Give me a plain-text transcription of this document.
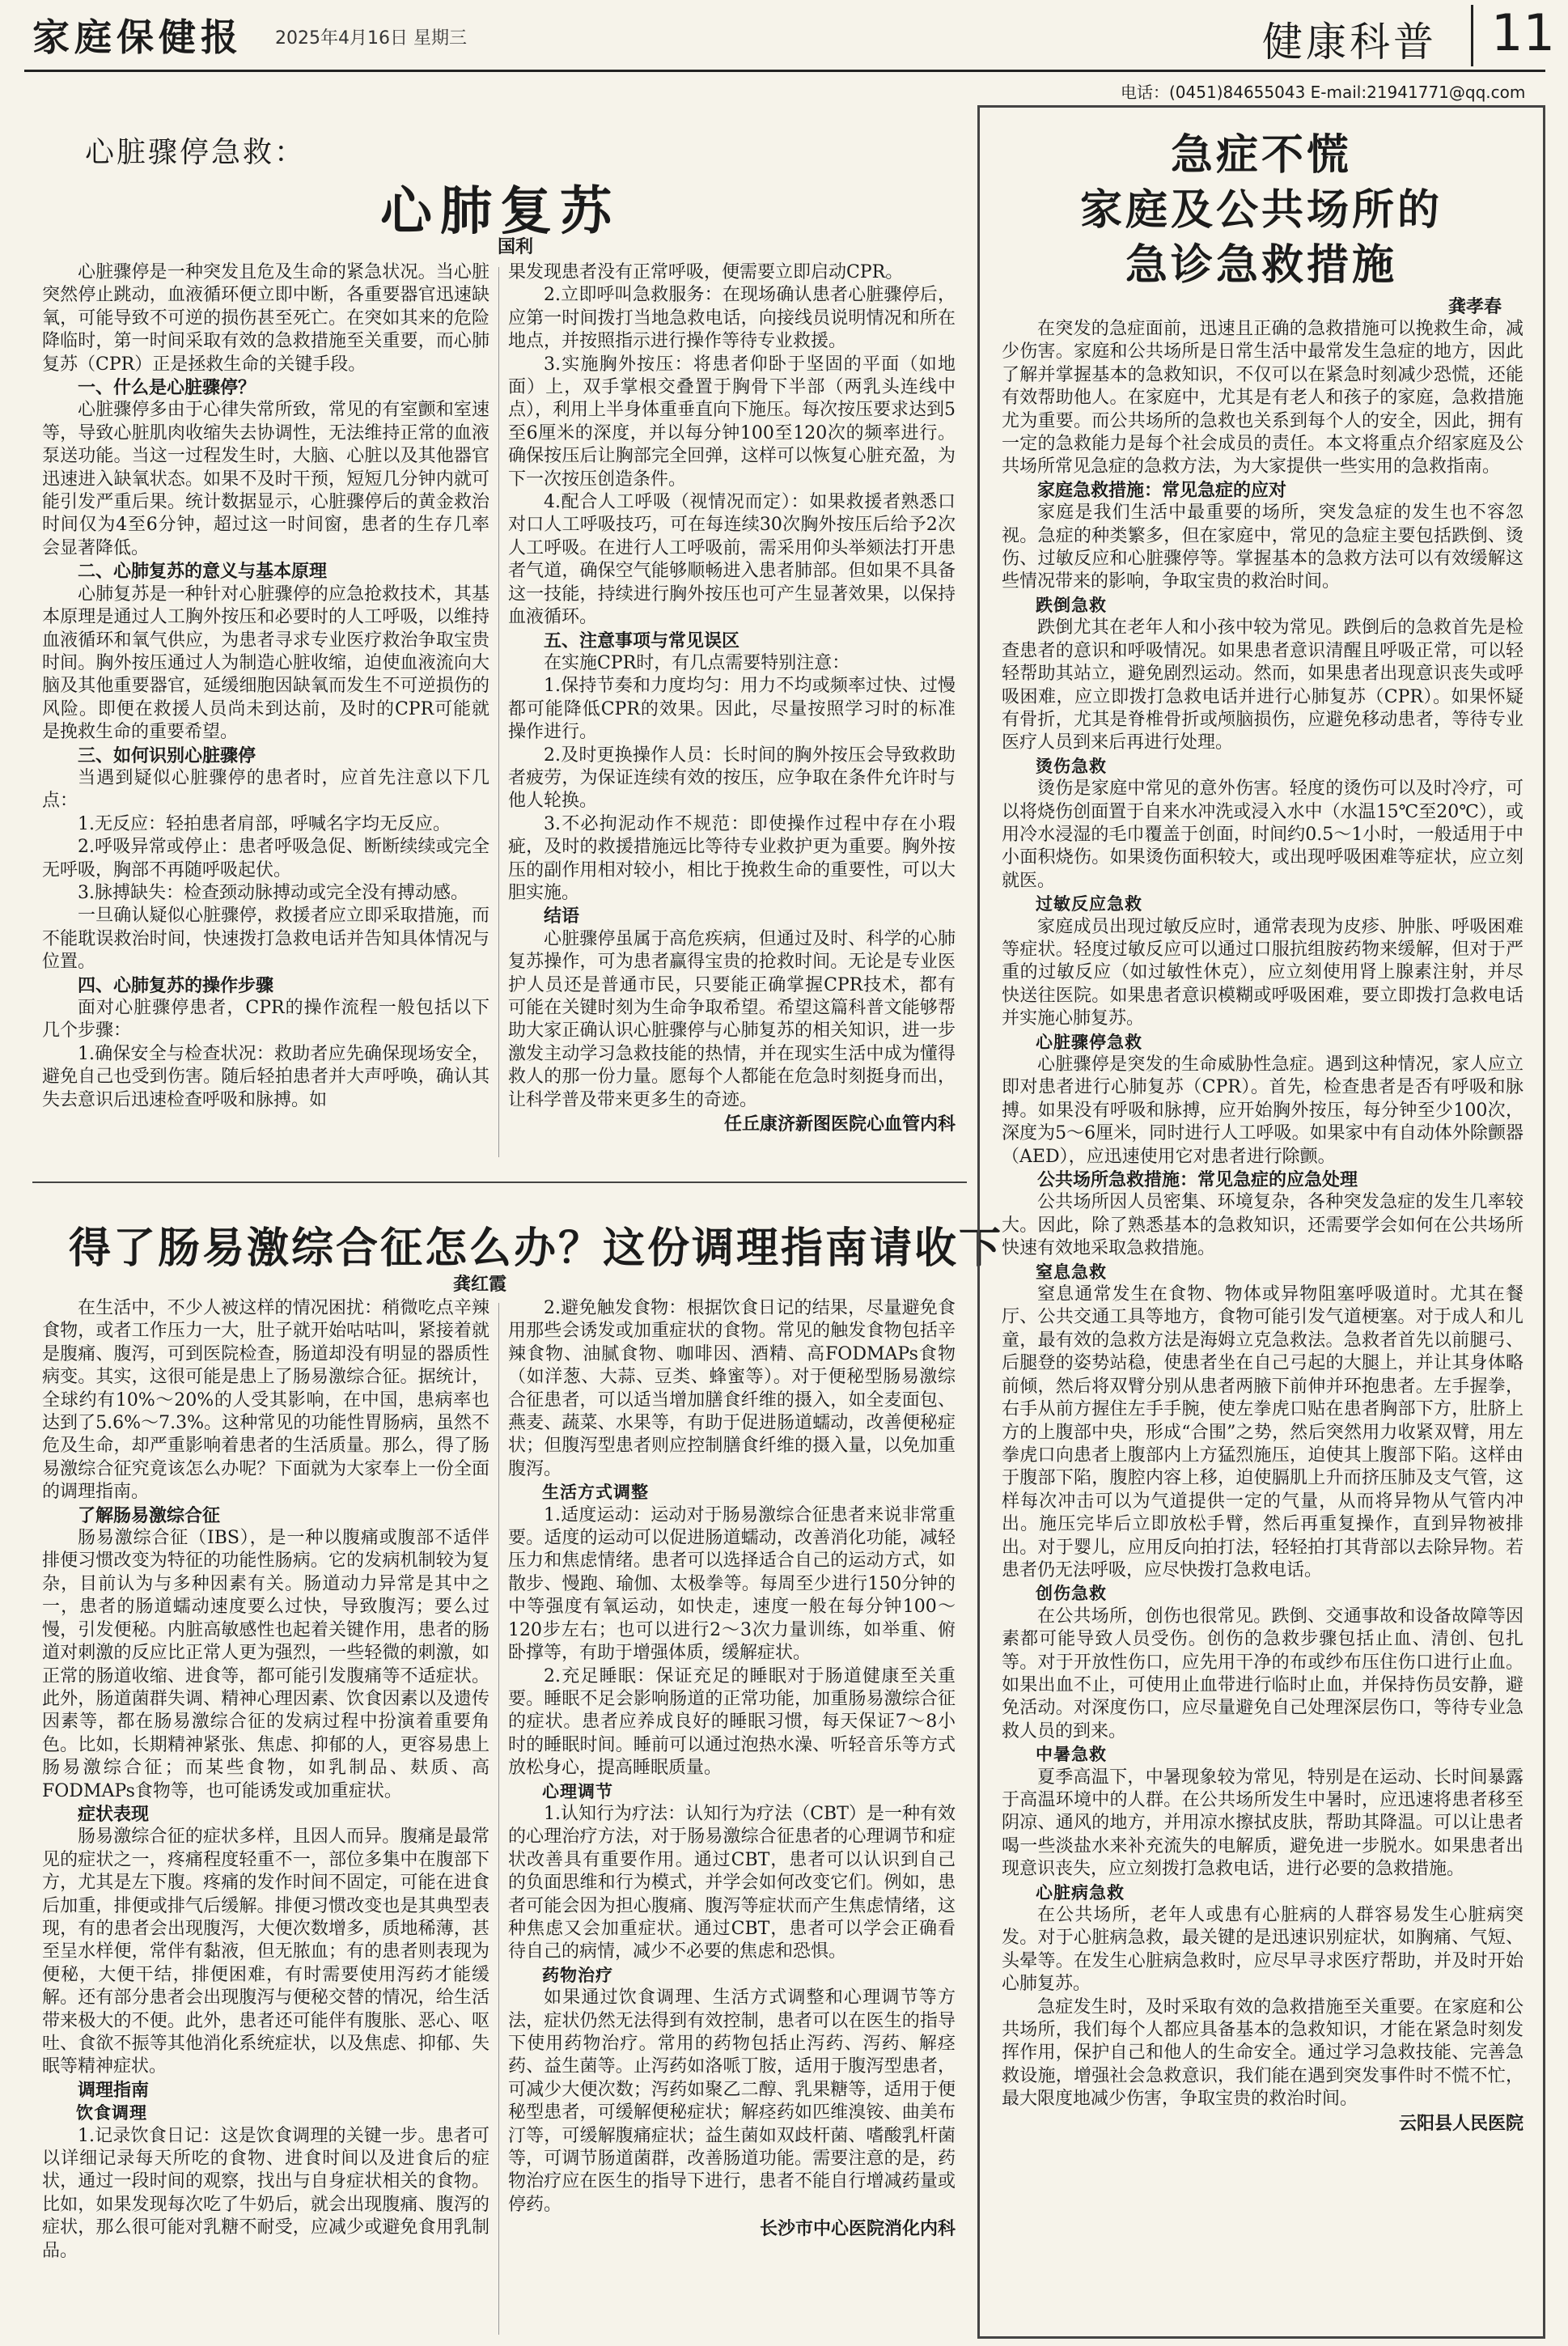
家庭保健报 2025年4月16日 星期三	健康科普	11
电话：(0451)84655043 E-mail:21941771@qq.com
心脏骤停急救：
心肺复苏
国利

心脏骤停是一种突发且危及生命的紧急状况。当心脏突然停止跳动，血液循环便立即中断，各重要器官迅速缺氧，可能导致不可逆的损伤甚至死亡。在突如其来的危险降临时，第一时间采取有效的急救措施至关重要，而心肺复苏（CPR）正是拯救生命的关键手段。

一、什么是心脏骤停？

心脏骤停多由于心律失常所致，常见的有室颤和室速等，导致心脏肌肉收缩失去协调性，无法维持正常的血液泵送功能。当这一过程发生时，大脑、心脏以及其他器官迅速进入缺氧状态。如果不及时干预，短短几分钟内就可能引发严重后果。统计数据显示，心脏骤停后的黄金救治时间仅为4至6分钟，超过这一时间窗，患者的生存几率会显著降低。

二、心肺复苏的意义与基本原理

心肺复苏是一种针对心脏骤停的应急抢救技术，其基本原理是通过人工胸外按压和必要时的人工呼吸，以维持血液循环和氧气供应，为患者寻求专业医疗救治争取宝贵时间。胸外按压通过人为制造心脏收缩，迫使血液流向大脑及其他重要器官，延缓细胞因缺氧而发生不可逆损伤的风险。即便在救援人员尚未到达前，及时的CPR可能就是挽救生命的重要希望。

三、如何识别心脏骤停

当遇到疑似心脏骤停的患者时，应首先注意以下几点：

1.无反应：轻拍患者肩部，呼喊名字均无反应。

2.呼吸异常或停止：患者呼吸急促、断断续续或完全无呼吸，胸部不再随呼吸起伏。

3.脉搏缺失：检查颈动脉搏动或完全没有搏动感。

一旦确认疑似心脏骤停，救援者应立即采取措施，而不能耽误救治时间，快速拨打急救电话并告知具体情况与位置。

四、心肺复苏的操作步骤

面对心脏骤停患者，CPR的操作流程一般包括以下几个步骤：

1.确保安全与检查状况：救助者应先确保现场安全，避免自己也受到伤害。随后轻拍患者并大声呼唤，确认其失去意识后迅速检查呼吸和脉搏。如

果发现患者没有正常呼吸，便需要立即启动CPR。

2.立即呼叫急救服务：在现场确认患者心脏骤停后，应第一时间拨打当地急救电话，向接线员说明情况和所在地点，并按照指示进行操作等待专业救援。

3.实施胸外按压：将患者仰卧于坚固的平面（如地面）上，双手掌根交叠置于胸骨下半部（两乳头连线中点），利用上半身体重垂直向下施压。每次按压要求达到5至6厘米的深度，并以每分钟100至120次的频率进行。确保按压后让胸部完全回弹，这样可以恢复心脏充盈，为下一次按压创造条件。

4.配合人工呼吸（视情况而定）：如果救援者熟悉口对口人工呼吸技巧，可在每连续30次胸外按压后给予2次人工呼吸。在进行人工呼吸前，需采用仰头举颏法打开患者气道，确保空气能够顺畅进入患者肺部。但如果不具备这一技能，持续进行胸外按压也可产生显著效果，以保持血液循环。

五、注意事项与常见误区

在实施CPR时，有几点需要特别注意：

1.保持节奏和力度均匀：用力不均或频率过快、过慢都可能降低CPR的效果。因此，尽量按照学习时的标准操作进行。

2.及时更换操作人员：长时间的胸外按压会导致救助者疲劳，为保证连续有效的按压，应争取在条件允许时与他人轮换。

3.不必拘泥动作不规范：即使操作过程中存在小瑕疵，及时的救援措施远比等待专业救护更为重要。胸外按压的副作用相对较小，相比于挽救生命的重要性，可以大胆实施。

结语

心脏骤停虽属于高危疾病，但通过及时、科学的心肺复苏操作，可为患者赢得宝贵的抢救时间。无论是专业医护人员还是普通市民，只要能正确掌握CPR技术，都有可能在关键时刻为生命争取希望。希望这篇科普文能够帮助大家正确认识心脏骤停与心肺复苏的相关知识，进一步激发主动学习急救技能的热情，并在现实生活中成为懂得救人的那一份力量。愿每个人都能在危急时刻挺身而出，让科学普及带来更多生的奇迹。

任丘康济新图医院心血管内科

得了肠易激综合征怎么办？这份调理指南请收下
龚红霞

在生活中，不少人被这样的情况困扰：稍微吃点辛辣食物，或者工作压力一大，肚子就开始咕咕叫，紧接着就是腹痛、腹泻，可到医院检查，肠道却没有明显的器质性病变。其实，这很可能是患上了肠易激综合征。据统计，全球约有10%～20%的人受其影响，在中国，患病率也达到了5.6%～7.3%。这种常见的功能性胃肠病，虽然不危及生命，却严重影响着患者的生活质量。那么，得了肠易激综合征究竟该怎么办呢？下面就为大家奉上一份全面的调理指南。

了解肠易激综合征

肠易激综合征（IBS），是一种以腹痛或腹部不适伴排便习惯改变为特征的功能性肠病。它的发病机制较为复杂，目前认为与多种因素有关。肠道动力异常是其中之一，患者的肠道蠕动速度要么过快，导致腹泻；要么过慢，引发便秘。内脏高敏感性也起着关键作用，患者的肠道对刺激的反应比正常人更为强烈，一些轻微的刺激，如正常的肠道收缩、进食等，都可能引发腹痛等不适症状。此外，肠道菌群失调、精神心理因素、饮食因素以及遗传因素等，都在肠易激综合征的发病过程中扮演着重要角色。比如，长期精神紧张、焦虑、抑郁的人，更容易患上肠易激综合征；而某些食物，如乳制品、麸质、高FODMAPs食物等，也可能诱发或加重症状。

症状表现

肠易激综合征的症状多样，且因人而异。腹痛是最常见的症状之一，疼痛程度轻重不一，部位多集中在腹部下方，尤其是左下腹。疼痛的发作时间不固定，可能在进食后加重，排便或排气后缓解。排便习惯改变也是其典型表现，有的患者会出现腹泻，大便次数增多，质地稀薄，甚至呈水样便，常伴有黏液，但无脓血；有的患者则表现为便秘，大便干结，排便困难，有时需要使用泻药才能缓解。还有部分患者会出现腹泻与便秘交替的情况，给生活带来极大的不便。此外，患者还可能伴有腹胀、恶心、呕吐、食欲不振等其他消化系统症状，以及焦虑、抑郁、失眠等精神症状。

调理指南

饮食调理

1.记录饮食日记：这是饮食调理的关键一步。患者可以详细记录每天所吃的食物、进食时间以及进食后的症状，通过一段时间的观察，找出与自身症状相关的食物。比如，如果发现每次吃了牛奶后，就会出现腹痛、腹泻的症状，那么很可能对乳糖不耐受，应减少或避免食用乳制品。

2.避免触发食物：根据饮食日记的结果，尽量避免食用那些会诱发或加重症状的食物。常见的触发食物包括辛辣食物、油腻食物、咖啡因、酒精、高FODMAPs食物（如洋葱、大蒜、豆类、蜂蜜等）。对于便秘型肠易激综合征患者，可以适当增加膳食纤维的摄入，如全麦面包、燕麦、蔬菜、水果等，有助于促进肠道蠕动，改善便秘症状；但腹泻型患者则应控制膳食纤维的摄入量，以免加重腹泻。

生活方式调整

1.适度运动：运动对于肠易激综合征患者来说非常重要。适度的运动可以促进肠道蠕动，改善消化功能，减轻压力和焦虑情绪。患者可以选择适合自己的运动方式，如散步、慢跑、瑜伽、太极拳等。每周至少进行150分钟的中等强度有氧运动，如快走，速度一般在每分钟100～120步左右；也可以进行2～3次力量训练，如举重、俯卧撑等，有助于增强体质，缓解症状。

2.充足睡眠：保证充足的睡眠对于肠道健康至关重要。睡眠不足会影响肠道的正常功能，加重肠易激综合征的症状。患者应养成良好的睡眠习惯，每天保证7～8小时的睡眠时间。睡前可以通过泡热水澡、听轻音乐等方式放松身心，提高睡眠质量。

心理调节

1.认知行为疗法：认知行为疗法（CBT）是一种有效的心理治疗方法，对于肠易激综合征患者的心理调节和症状改善具有重要作用。通过CBT，患者可以认识到自己的负面思维和行为模式，并学会如何改变它们。例如，患者可能会因为担心腹痛、腹泻等症状而产生焦虑情绪，这种焦虑又会加重症状。通过CBT，患者可以学会正确看待自己的病情，减少不必要的焦虑和恐惧。

药物治疗

如果通过饮食调理、生活方式调整和心理调节等方法，症状仍然无法得到有效控制，患者可以在医生的指导下使用药物治疗。常用的药物包括止泻药、泻药、解痉药、益生菌等。止泻药如洛哌丁胺，适用于腹泻型患者，可减少大便次数；泻药如聚乙二醇、乳果糖等，适用于便秘型患者，可缓解便秘症状；解痉药如匹维溴铵、曲美布汀等，可缓解腹痛症状；益生菌如双歧杆菌、嗜酸乳杆菌等，可调节肠道菌群，改善肠道功能。需要注意的是，药物治疗应在医生的指导下进行，患者不能自行增减药量或停药。

长沙市中心医院消化内科

急症不慌
家庭及公共场所的
急诊急救措施
龚孝春

在突发的急症面前，迅速且正确的急救措施可以挽救生命，减少伤害。家庭和公共场所是日常生活中最常发生急症的地方，因此了解并掌握基本的急救知识，不仅可以在紧急时刻减少恐慌，还能有效帮助他人。在家庭中，尤其是有老人和孩子的家庭，急救措施尤为重要。而公共场所的急救也关系到每个人的安全，因此，拥有一定的急救能力是每个社会成员的责任。本文将重点介绍家庭及公共场所常见急症的急救方法，为大家提供一些实用的急救指南。

家庭急救措施：常见急症的应对

家庭是我们生活中最重要的场所，突发急症的发生也不容忽视。急症的种类繁多，但在家庭中，常见的急症主要包括跌倒、烫伤、过敏反应和心脏骤停等。掌握基本的急救方法可以有效缓解这些情况带来的影响，争取宝贵的救治时间。

跌倒急救

跌倒尤其在老年人和小孩中较为常见。跌倒后的急救首先是检查患者的意识和呼吸情况。如果患者意识清醒且呼吸正常，可以轻轻帮助其站立，避免剧烈运动。然而，如果患者出现意识丧失或呼吸困难，应立即拨打急救电话并进行心肺复苏（CPR）。如果怀疑有骨折，尤其是脊椎骨折或颅脑损伤，应避免移动患者，等待专业医疗人员到来后再进行处理。

烫伤急救

烫伤是家庭中常见的意外伤害。轻度的烫伤可以及时冷疗，可以将烧伤创面置于自来水冲洗或浸入水中（水温15℃至20℃），或用冷水浸湿的毛巾覆盖于创面，时间约0.5～1小时，一般适用于中小面积烧伤。如果烫伤面积较大，或出现呼吸困难等症状，应立刻就医。

过敏反应急救

家庭成员出现过敏反应时，通常表现为皮疹、肿胀、呼吸困难等症状。轻度过敏反应可以通过口服抗组胺药物来缓解，但对于严重的过敏反应（如过敏性休克），应立刻使用肾上腺素注射，并尽快送往医院。如果患者意识模糊或呼吸困难，要立即拨打急救电话并实施心肺复苏。

心脏骤停急救

心脏骤停是突发的生命威胁性急症。遇到这种情况，家人应立即对患者进行心肺复苏（CPR）。首先，检查患者是否有呼吸和脉搏。如果没有呼吸和脉搏，应开始胸外按压，每分钟至少100次，深度为5～6厘米，同时进行人工呼吸。如果家中有自动体外除颤器（AED），应迅速使用它对患者进行除颤。

公共场所急救措施：常见急症的应急处理

公共场所因人员密集、环境复杂，各种突发急症的发生几率较大。因此，除了熟悉基本的急救知识，还需要学会如何在公共场所快速有效地采取急救措施。

窒息急救

窒息通常发生在食物、物体或异物阻塞呼吸道时。尤其在餐厅、公共交通工具等地方，食物可能引发气道梗塞。对于成人和儿童，最有效的急救方法是海姆立克急救法。急救者首先以前腿弓、后腿登的姿势站稳，使患者坐在自己弓起的大腿上，并让其身体略前倾，然后将双臂分别从患者两腋下前伸并环抱患者。左手握拳，右手从前方握住左手手腕，使左拳虎口贴在患者胸部下方，肚脐上方的上腹部中央，形成“合围”之势，然后突然用力收紧双臂，用左拳虎口向患者上腹部内上方猛烈施压，迫使其上腹部下陷。这样由于腹部下陷，腹腔内容上移，迫使膈肌上升而挤压肺及支气管，这样每次冲击可以为气道提供一定的气量，从而将异物从气管内冲出。施压完毕后立即放松手臂，然后再重复操作，直到异物被排出。对于婴儿，应用反向拍打法，轻轻拍打其背部以去除异物。若患者仍无法呼吸，应尽快拨打急救电话。

创伤急救

在公共场所，创伤也很常见。跌倒、交通事故和设备故障等因素都可能导致人员受伤。创伤的急救步骤包括止血、清创、包扎等。对于开放性伤口，应先用干净的布或纱布压住伤口进行止血。如果出血不止，可使用止血带进行临时止血，并保持伤员安静，避免活动。对深度伤口，应尽量避免自己处理深层伤口，等待专业急救人员的到来。

中暑急救

夏季高温下，中暑现象较为常见，特别是在运动、长时间暴露于高温环境中的人群。在公共场所发生中暑时，应迅速将患者移至阴凉、通风的地方，并用凉水擦拭皮肤，帮助其降温。可以让患者喝一些淡盐水来补充流失的电解质，避免进一步脱水。如果患者出现意识丧失，应立刻拨打急救电话，进行必要的急救措施。

心脏病急救

在公共场所，老年人或患有心脏病的人群容易发生心脏病突发。对于心脏病急救，最关键的是迅速识别症状，如胸痛、气短、头晕等。在发生心脏病急救时，应尽早寻求医疗帮助，并及时开始心肺复苏。

急症发生时，及时采取有效的急救措施至关重要。在家庭和公共场所，我们每个人都应具备基本的急救知识，才能在紧急时刻发挥作用，保护自己和他人的生命安全。通过学习急救技能、完善急救设施，增强社会急救意识，我们能在遇到突发事件时不慌不忙，最大限度地减少伤害，争取宝贵的救治时间。

云阳县人民医院
